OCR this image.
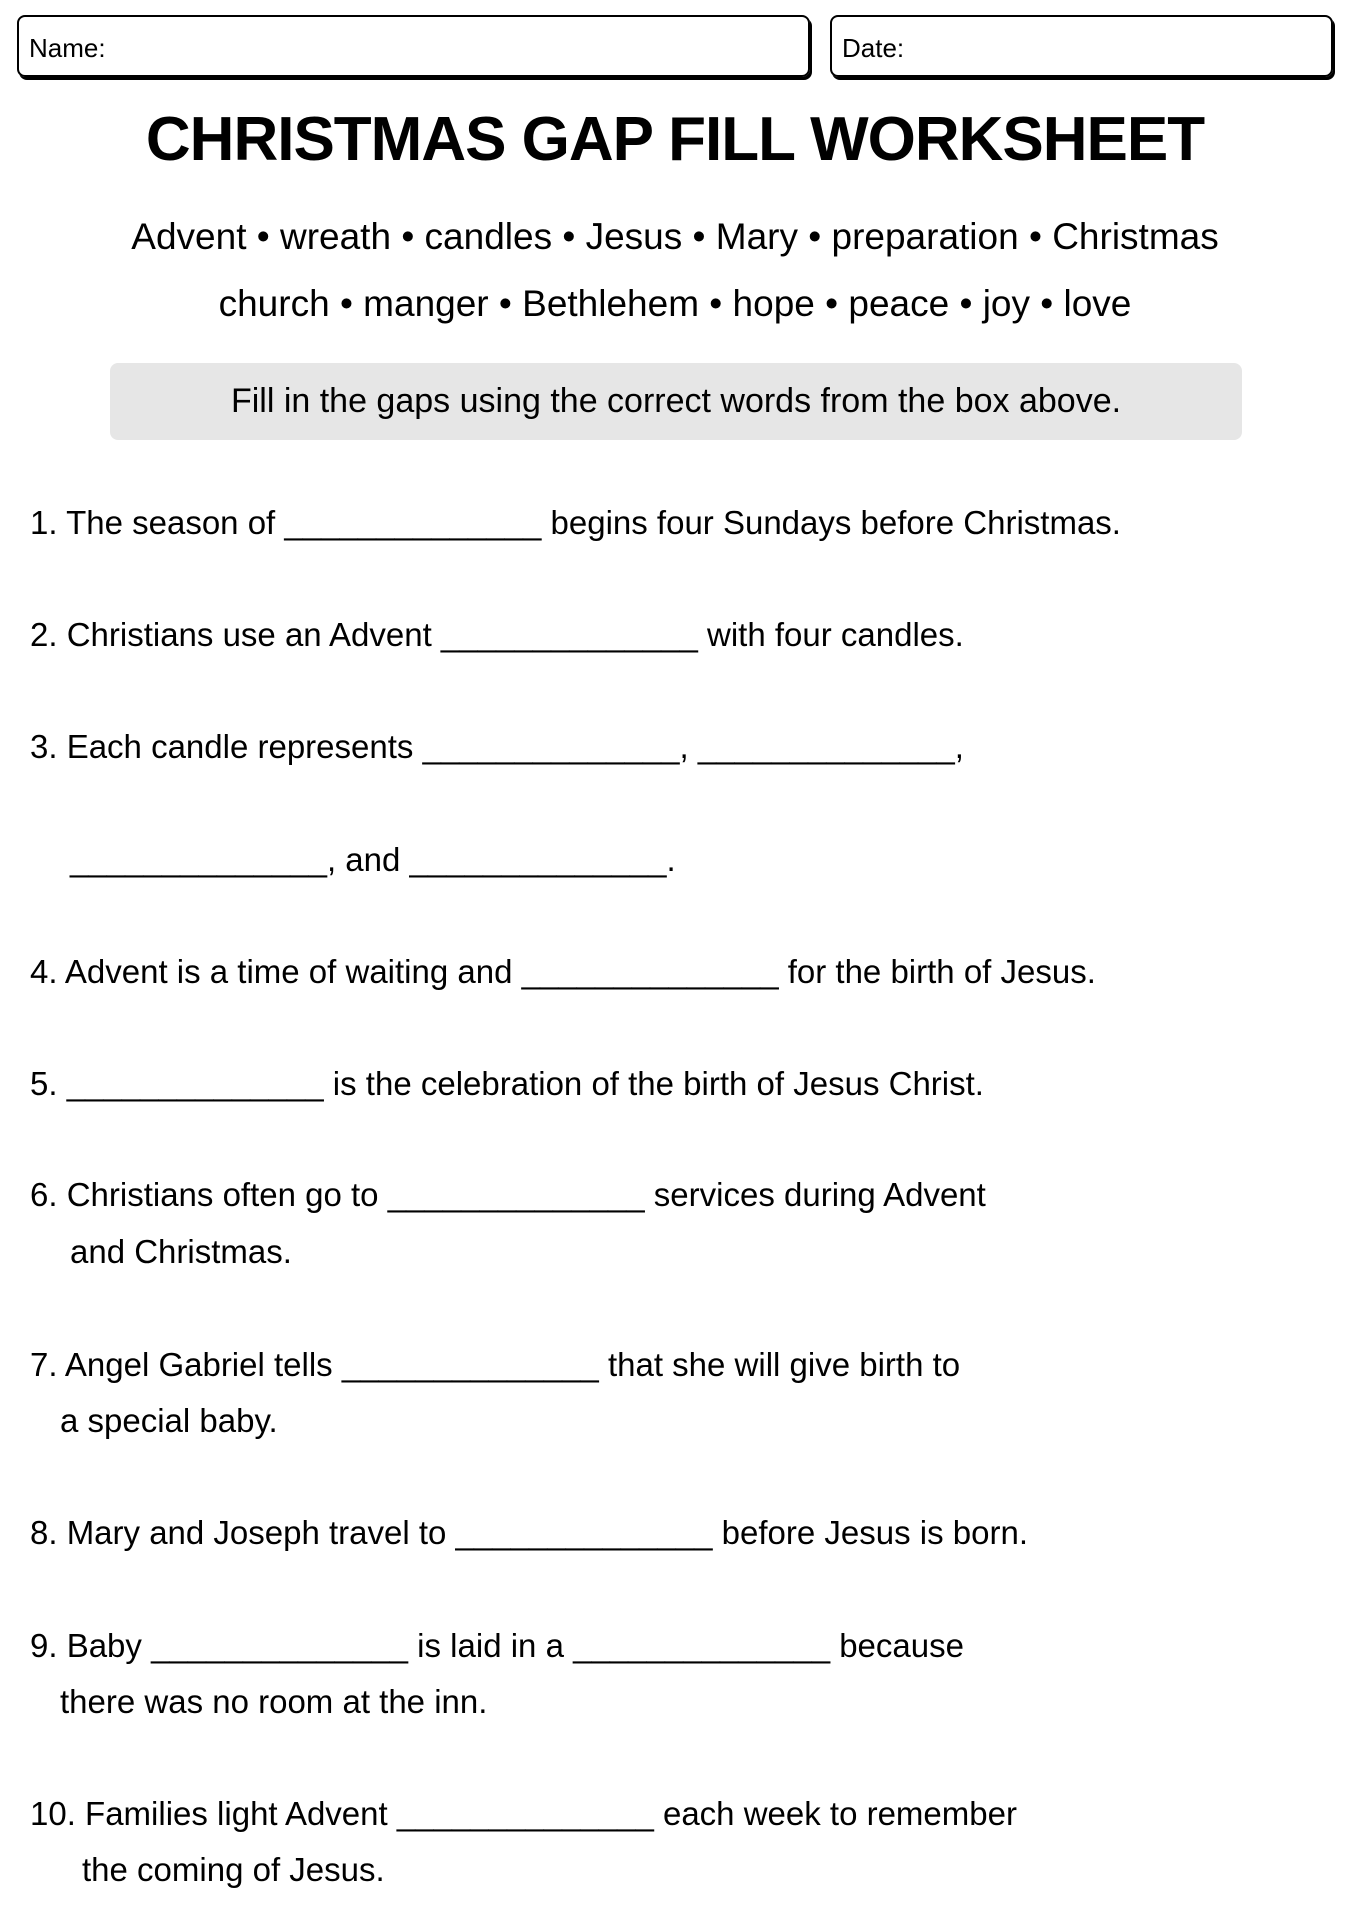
Name:	Date:
CHRISTMAS GAP FILL WORKSHEET
Advent • wreath • candles • Jesus • Mary • preparation • Christmas
church • manger • Bethlehem • hope • peace • joy • love
Fill in the gaps using the correct words from the box above.
1. The season of ______________ begins four Sundays before Christmas.
2. Christians use an Advent ______________ with four candles.
3. Each candle represents ______________, ______________,
______________, and ______________.
4. Advent is a time of waiting and ______________ for the birth of Jesus.
5. ______________ is the celebration of the birth of Jesus Christ.
6. Christians often go to ______________ services during Advent
and Christmas.
7. Angel Gabriel tells ______________ that she will give birth to
a special baby.
8. Mary and Joseph travel to ______________ before Jesus is born.
9. Baby ______________ is laid in a ______________ because
there was no room at the inn.
10. Families light Advent ______________ each week to remember
the coming of Jesus.
